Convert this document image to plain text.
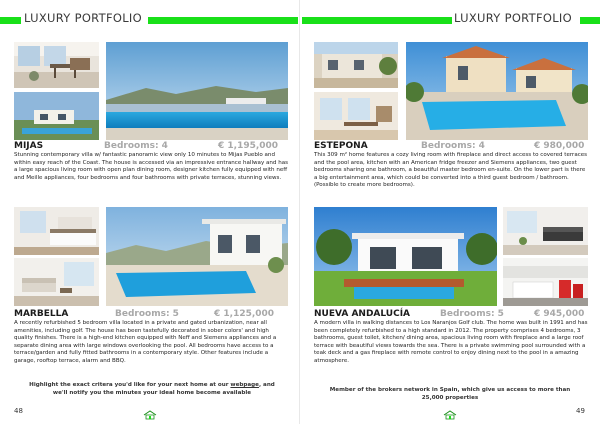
LUXURY PORTFOLIO
MIJAS	Bedrooms: 4	€ 1,195,000
Stunning contemporary villa w/ fantastic panoramic view only 10 minutes to Mijas Pueblo and within easy reach of the Coast. The house is accessed via an impressive entrance hallway and has a large spacious living room with open plan dining room, designer kitchen fully equipped with neff and Meille appliances, four bedrooms and four bathrooms with private terraces, stunning views.
MARBELLA	Bedrooms: 5	€ 1,125,000
A recently refurbished 5 bedroom villa located in a private and gated urbanization, near all amenities, including golf. The house has been tastefully decorated in sober colors' and high quality finishes. There is a high-end kitchen equipped with Neff and Siemens appliances and a separate dining area with large windows overlooking the pool. All bedrooms have access to a terrace/garden and fully fitted bathrooms in a contemporary style. Other features include a garage, rooftop terrace, alarm and BBQ.
Highlight the exact critera you'd like for your next home at our webpage, and we'll notify you the minutes your ideal home become available
48
LUXURY PORTFOLIO
ESTEPONA	Bedrooms: 4	€ 980,000
This 309 m² home features a cozy living room with fireplace and direct access to covered terraces and the pool area, kitchen with an American fridge freezer and Siemens appliances, two guest bedrooms sharing one bathroom, a beautiful master bedroom en-suite. On the lower part is there a big entertainment area, which could be converted into a third guest bedroom / bathroom. (Possible to create more bedrooms).
NUEVA ANDALUCÍA	Bedrooms: 5	€ 945,000
A modern villa in walking distances to Los Naranjos Golf club. The home was built in 1991 and has been completely refurbished to a high standard in 2012. The property comprises 4 bedrooms, 3 bathrooms, guest toilet, kitchen/ dining area, spacious living room with fireplace and a large roof terrace with beautiful views towards the sea. There is a private swimming pool surrounded with a teak deck and a gas fireplace with remote control to enjoy dining next to the pool in a amazing atmosphere.
Member of the brokers network in Spain, which give us access to more than 25,000 properties
49
